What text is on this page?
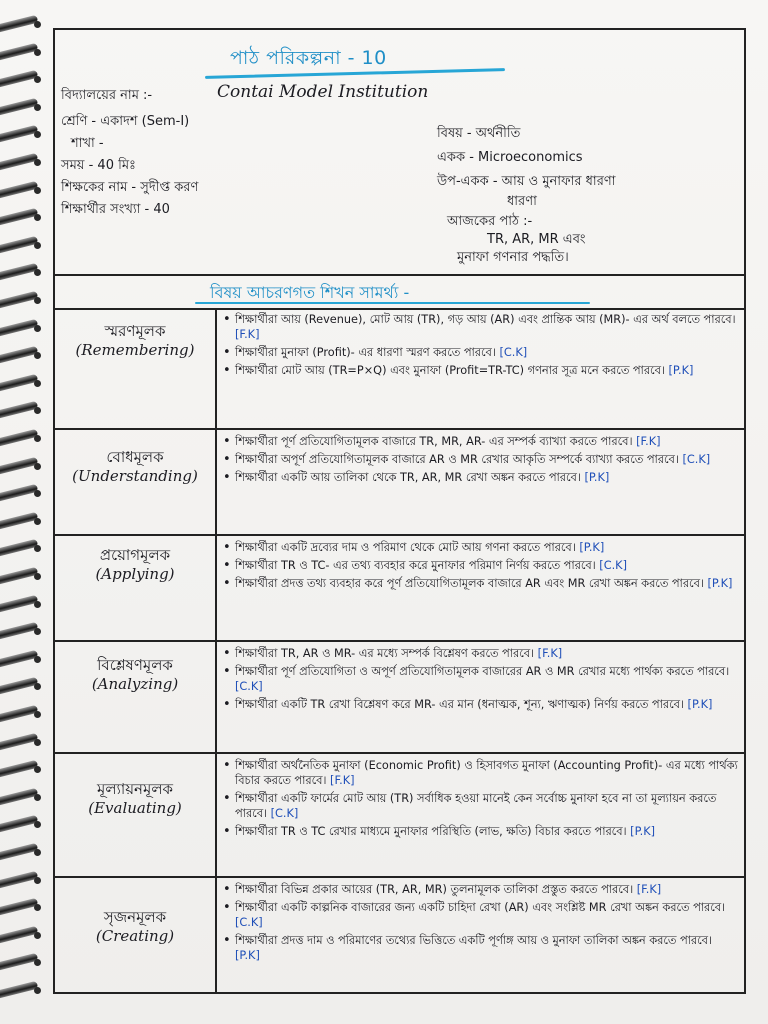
পাঠ পরিকল্পনা - 10
বিদ্যালয়ের নাম :-	Contai Model Institution
শ্রেণি - একাদশ (Sem-I)
শাখা -
সময় - 40 মিঃ
শিক্ষকের নাম - সুদীপ্ত করণ
শিক্ষার্থীর সংখ্যা - 40
বিষয় - অর্থনীতি
একক - Microeconomics
উপ-একক - আয় ও মুনাফার ধারণা
ধারণা
আজকের পাঠ :-
TR, AR, MR এবং
মুনাফা গণনার পদ্ধতি।
বিষয় আচরণগত শিখন সামর্থ্য -
স্মরণমূলক
(Remembering)
• শিক্ষার্থীরা আয় (Revenue), মোট আয় (TR), গড় আয় (AR) এবং প্রান্তিক আয় (MR)- এর অর্থ বলতে পারবে। [F.K]
• শিক্ষার্থীরা মুনাফা (Profit)- এর ধারণা স্মরণ করতে পারবে। [C.K]
• শিক্ষার্থীরা মোট আয় (TR=P×Q) এবং মুনাফা (Profit=TR-TC) গণনার সূত্র মনে করতে পারবে। [P.K]
বোধমূলক
(Understanding)
• শিক্ষার্থীরা পূর্ণ প্রতিযোগিতামূলক বাজারে TR, MR, AR- এর সম্পর্ক ব্যাখ্যা করতে পারবে। [F.K]
• শিক্ষার্থীরা অপূর্ণ প্রতিযোগিতামূলক বাজারে AR ও MR রেখার আকৃতি সম্পর্কে ব্যাখ্যা করতে পারবে। [C.K]
• শিক্ষার্থীরা একটি আয় তালিকা থেকে TR, AR, MR রেখা অঙ্কন করতে পারবে। [P.K]
প্রয়োগমূলক
(Applying)
• শিক্ষার্থীরা একটি দ্রব্যের দাম ও পরিমাণ থেকে মোট আয় গণনা করতে পারবে। [P.K]
• শিক্ষার্থীরা TR ও TC- এর তথ্য ব্যবহার করে মুনাফার পরিমাণ নির্ণয় করতে পারবে। [C.K]
• শিক্ষার্থীরা প্রদত্ত তথ্য ব্যবহার করে পূর্ণ প্রতিযোগিতামূলক বাজারে AR এবং MR রেখা অঙ্কন করতে পারবে। [P.K]
বিশ্লেষণমূলক
(Analyzing)
• শিক্ষার্থীরা TR, AR ও MR- এর মধ্যে সম্পর্ক বিশ্লেষণ করতে পারবে। [F.K]
• শিক্ষার্থীরা পূর্ণ প্রতিযোগিতা ও অপূর্ণ প্রতিযোগিতামূলক বাজারের AR ও MR রেখার মধ্যে পার্থক্য করতে পারবে। [C.K]
• শিক্ষার্থীরা একটি TR রেখা বিশ্লেষণ করে MR- এর মান (ধনাত্মক, শূন্য, ঋণাত্মক) নির্ণয় করতে পারবে। [P.K]
মূল্যায়নমূলক
(Evaluating)
• শিক্ষার্থীরা অর্থনৈতিক মুনাফা (Economic Profit) ও হিসাবগত মুনাফা (Accounting Profit)- এর মধ্যে পার্থক্য বিচার করতে পারবে। [F.K]
• শিক্ষার্থীরা একটি ফার্মের মোট আয় (TR) সর্বাধিক হওয়া মানেই কেন সর্বোচ্চ মুনাফা হবে না তা মূল্যায়ন করতে পারবে। [C.K]
• শিক্ষার্থীরা TR ও TC রেখার মাধ্যমে মুনাফার পরিস্থিতি (লাভ, ক্ষতি) বিচার করতে পারবে। [P.K]
সৃজনমূলক
(Creating)
• শিক্ষার্থীরা বিভিন্ন প্রকার আয়ের (TR, AR, MR) তুলনামূলক তালিকা প্রস্তুত করতে পারবে। [F.K]
• শিক্ষার্থীরা একটি কাল্পনিক বাজারের জন্য একটি চাহিদা রেখা (AR) এবং সংশ্লিষ্ট MR রেখা অঙ্কন করতে পারবে। [C.K]
• শিক্ষার্থীরা প্রদত্ত দাম ও পরিমাণের তথ্যের ভিত্তিতে একটি পূর্ণাঙ্গ আয় ও মুনাফা তালিকা অঙ্কন করতে পারবে। [P.K]
